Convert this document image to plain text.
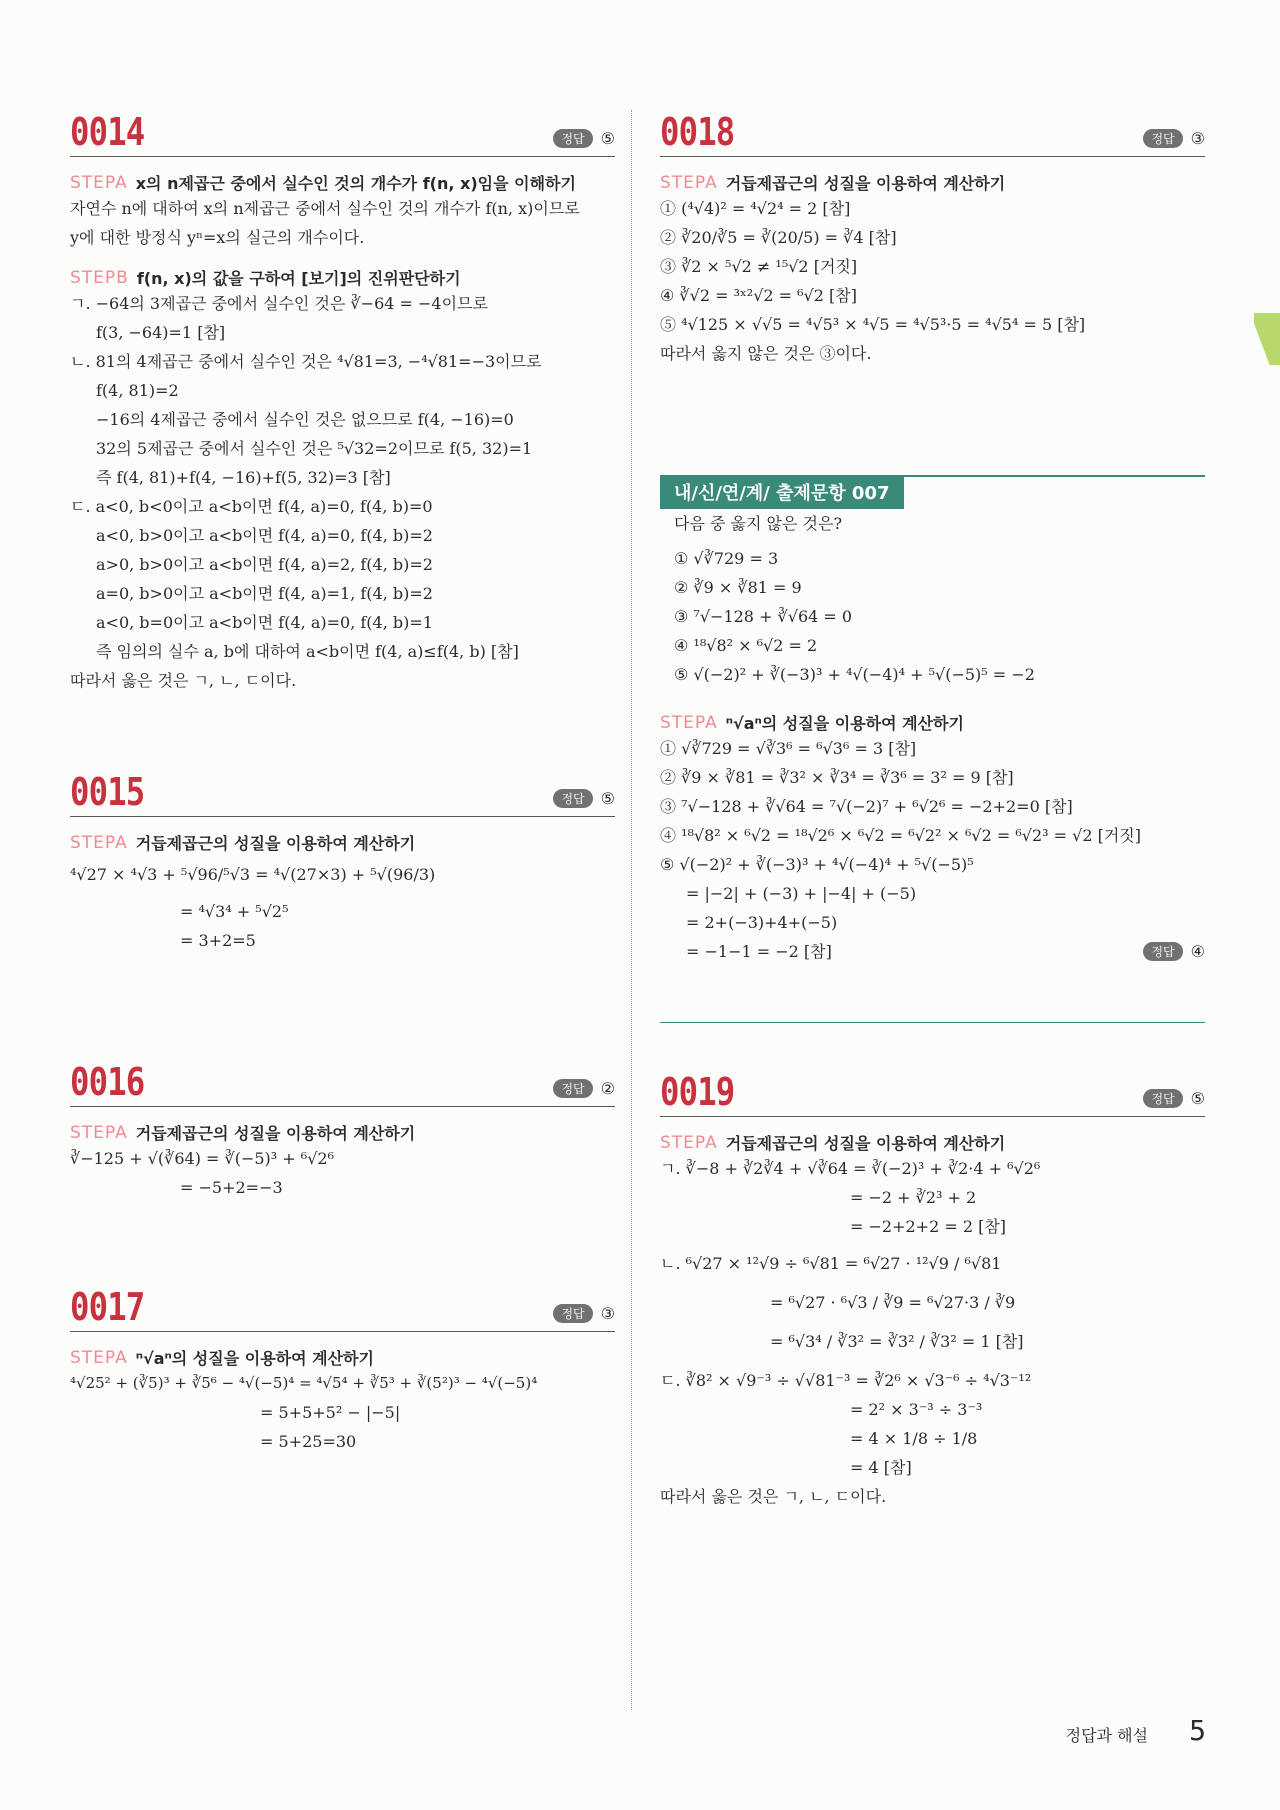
0014	정답	⑤
STEPA x의 n제곱근 중에서 실수인 것의 개수가 f(n, x)임을 이해하기
자연수 n에 대하여 x의 n제곱근 중에서 실수인 것의 개수가 f(n, x)이므로
y에 대한 방정식 yⁿ=x의 실근의 개수이다.
STEPB f(n, x)의 값을 구하여 [보기]의 진위판단하기
ㄱ. −64의 3제곱근 중에서 실수인 것은 ∛−64 = −4이므로
f(3, −64)=1 [참]
ㄴ. 81의 4제곱근 중에서 실수인 것은 ⁴√81=3, −⁴√81=−3이므로
f(4, 81)=2
−16의 4제곱근 중에서 실수인 것은 없으므로 f(4, −16)=0
32의 5제곱근 중에서 실수인 것은 ⁵√32=2이므로 f(5, 32)=1
즉 f(4, 81)+f(4, −16)+f(5, 32)=3 [참]
ㄷ. a<0, b<0이고 a<b이면 f(4, a)=0, f(4, b)=0
a<0, b>0이고 a<b이면 f(4, a)=0, f(4, b)=2
a>0, b>0이고 a<b이면 f(4, a)=2, f(4, b)=2
a=0, b>0이고 a<b이면 f(4, a)=1, f(4, b)=2
a<0, b=0이고 a<b이면 f(4, a)=0, f(4, b)=1
즉 임의의 실수 a, b에 대하여 a<b이면 f(4, a)≤f(4, b) [참]
따라서 옳은 것은 ㄱ, ㄴ, ㄷ이다.
0015	정답	⑤
STEPA 거듭제곱근의 성질을 이용하여 계산하기
⁴√27 × ⁴√3 + ⁵√96/⁵√3 = ⁴√(27×3) + ⁵√(96/3)
= ⁴√3⁴ + ⁵√2⁵
= 3+2=5
0016	정답	②
STEPA 거듭제곱근의 성질을 이용하여 계산하기
∛−125 + √(∛64) = ∛(−5)³ + ⁶√2⁶
= −5+2=−3
0017	정답	③
STEPA ⁿ√aⁿ의 성질을 이용하여 계산하기
⁴√25² + (∛5)³ + ∛5⁶ − ⁴√(−5)⁴ = ⁴√5⁴ + ∛5³ + ∛(5²)³ − ⁴√(−5)⁴
= 5+5+5² − |−5|
= 5+25=30
0018	정답	③
STEPA 거듭제곱근의 성질을 이용하여 계산하기
① (⁴√4)² = ⁴√2⁴ = 2 [참]
② ∛20/∛5 = ∛(20/5) = ∛4 [참]
③ ∛2 × ⁵√2 ≠ ¹⁵√2 [거짓]
④ ∛√2 = ³ˣ²√2 = ⁶√2 [참]
⑤ ⁴√125 × √√5 = ⁴√5³ × ⁴√5 = ⁴√5³·5 = ⁴√5⁴ = 5 [참]
따라서 옳지 않은 것은 ③이다.
내/신/연/계/ 출제문항 007
다음 중 옳지 않은 것은?
① √∛729 = 3
② ∛9 × ∛81 = 9
③ ⁷√−128 + ∛√64 = 0
④ ¹⁸√8² × ⁶√2 = 2
⑤ √(−2)² + ∛(−3)³ + ⁴√(−4)⁴ + ⁵√(−5)⁵ = −2
STEPA ⁿ√aⁿ의 성질을 이용하여 계산하기
① √∛729 = √∛3⁶ = ⁶√3⁶ = 3 [참]
② ∛9 × ∛81 = ∛3² × ∛3⁴ = ∛3⁶ = 3² = 9 [참]
③ ⁷√−128 + ∛√64 = ⁷√(−2)⁷ + ⁶√2⁶ = −2+2=0 [참]
④ ¹⁸√8² × ⁶√2 = ¹⁸√2⁶ × ⁶√2 = ⁶√2² × ⁶√2 = ⁶√2³ = √2 [거짓]
⑤ √(−2)² + ∛(−3)³ + ⁴√(−4)⁴ + ⁵√(−5)⁵
= |−2| + (−3) + |−4| + (−5)
= 2+(−3)+4+(−5)
= −1−1 = −2 [참]	정답	④
0019	정답	⑤
STEPA 거듭제곱근의 성질을 이용하여 계산하기
ㄱ. ∛−8 + ∛2∛4 + √∛64 = ∛(−2)³ + ∛2·4 + ⁶√2⁶
= −2 + ∛2³ + 2
= −2+2+2 = 2 [참]
ㄴ. ⁶√27 × ¹²√9 ÷ ⁶√81 = ⁶√27 · ¹²√9 / ⁶√81
= ⁶√27 · ⁶√3 / ∛9 = ⁶√27·3 / ∛9
= ⁶√3⁴ / ∛3² = ∛3² / ∛3² = 1 [참]
ㄷ. ∛8² × √9⁻³ ÷ √√81⁻³ = ∛2⁶ × √3⁻⁶ ÷ ⁴√3⁻¹²
= 2² × 3⁻³ ÷ 3⁻³
= 4 × 1/8 ÷ 1/8
= 4 [참]
따라서 옳은 것은 ㄱ, ㄴ, ㄷ이다.
정답과 해설 5
